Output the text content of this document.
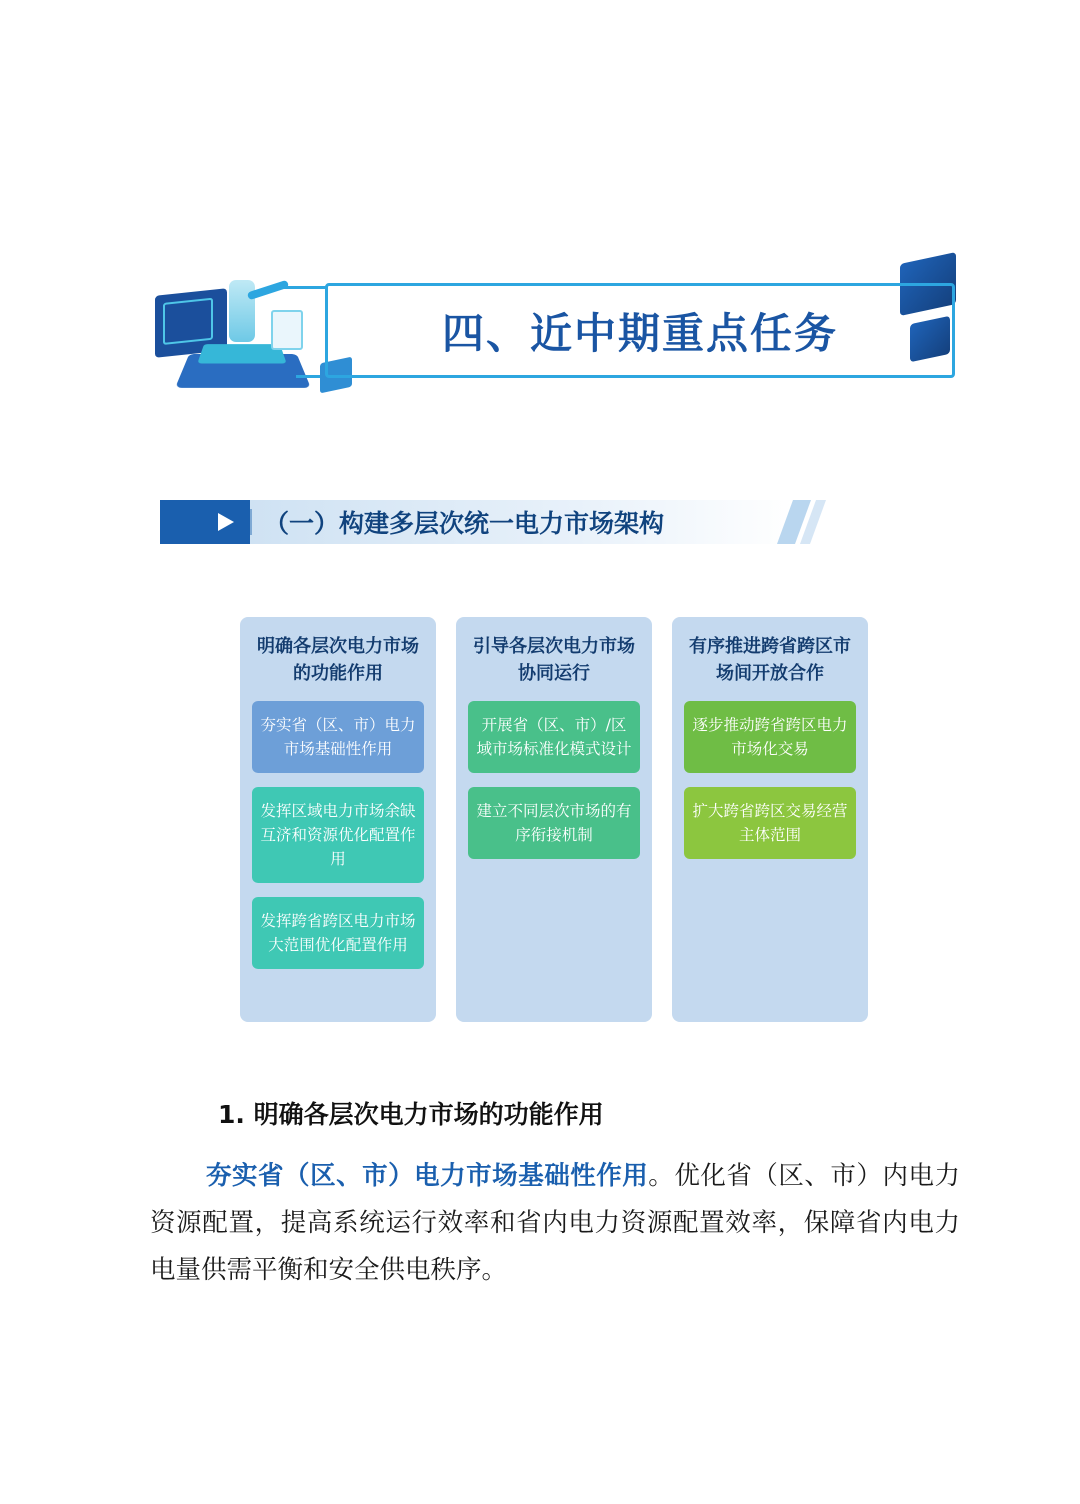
四、近中期重点任务
（一）构建多层次统一电力市场架构
明确各层次电力市场的功能作用
夯实省（区、市）电力市场基础性作用
发挥区域电力市场余缺互济和资源优化配置作用
发挥跨省跨区电力市场大范围优化配置作用
引导各层次电力市场协同运行
开展省（区、市）/区域市场标准化模式设计
建立不同层次市场的有序衔接机制
有序推进跨省跨区市场间开放合作
逐步推动跨省跨区电力市场化交易
扩大跨省跨区交易经营主体范围
1. 明确各层次电力市场的功能作用

夯实省（区、市）电力市场基础性作用。优化省（区、市）内电力资源配置，提高系统运行效率和省内电力资源配置效率，保障省内电力电量供需平衡和安全供电秩序。
